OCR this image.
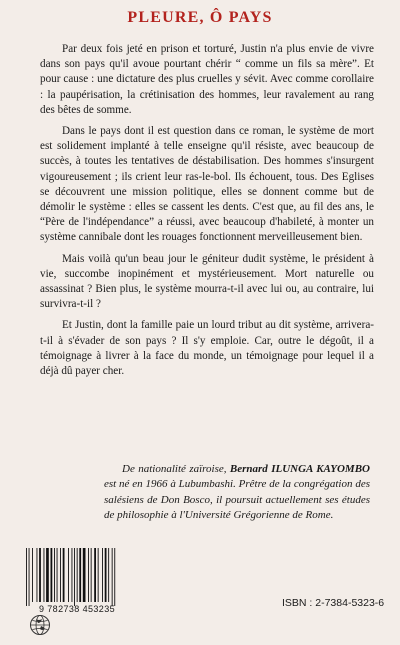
PLEURE, Ô PAYS

Par deux fois jeté en prison et torturé, Justin n'a plus envie de vivre dans son pays qu'il avoue pourtant chérir “ comme un fils sa mère”. Et pour cause : une dictature des plus cruelles y sévit. Avec comme corollaire : la paupérisation, la crétinisation des hommes, leur ravalement au rang des bêtes de somme.

Dans le pays dont il est question dans ce roman, le système de mort est solidement implanté à telle enseigne qu'il résiste, avec beaucoup de succès, à toutes les tentatives de déstabilisation. Des hommes s'insurgent vigoureusement ; ils crient leur ras-le-bol. Ils échouent, tous. Des Eglises se découvrent une mission politique, elles se donnent comme but de démolir le système : elles se cassent les dents. C'est que, au fil des ans, le “Père de l'indépendance” a réussi, avec beaucoup d'habileté, à monter un système cannibale dont les rouages fonctionnent merveilleusement bien.

Mais voilà qu'un beau jour le géniteur dudit système, le président à vie, succombe inopinément et mystérieusement. Mort naturelle ou assassinat ? Bien plus, le système mourra-t-il avec lui ou, au contraire, lui survivra-t-il ?

Et Justin, dont la famille paie un lourd tribut au dit système, arrivera-t-il à s'évader de son pays ? Il s'y emploie. Car, outre le dégoût, il a témoignage à livrer à la face du monde, un témoignage pour lequel il a déjà dû payer cher.

De nationalité zaïroise, Bernard ILUNGA KAYOMBO est né en 1966 à Lubumbashi. Prêtre de la congrégation des salésiens de Don Bosco, il poursuit actuellement ses études de philosophie à l'Université Grégorienne de Rome.

9 782738 453235	ISBN : 2-7384-5323-6
